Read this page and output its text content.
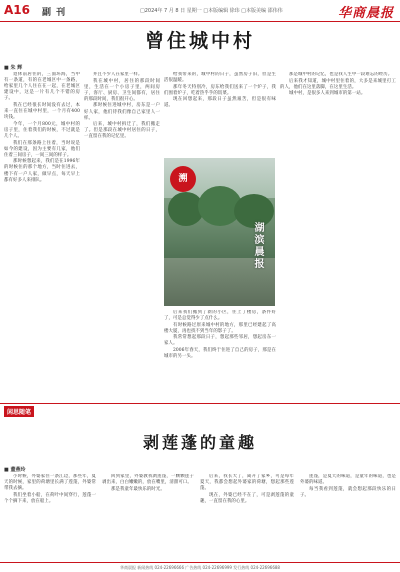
A16 副 刊	□2024年 7 月 8 日 星期一 □本版编辑 徐玮 □本版美编 邵伟伟	华商晨报
曾住城中村
■ 朱 辉

退休前居住的，三面环海，当中有一条道，有的在老城区中一条路，给家里几个人住在在一起，在老城区建设中，这是一片有几个不错的房子。

我在已经很长时间没有去过，本来一直住在城中村里，一个月有400块钱。

今年，一个月800元，城中村的房子里，住着我们的时候，不过就是几个人。

我们在那条路上住着，当时说是如今的建设，因为主要有几家，他们住着三间房子，一间三间的样子。

那时候想起来，我们是在1996年的时候住的那个地方，当时住进去，楼下有一户人家，做早点，每天早上都有好多人来排队。

并且不少人在家里一样。

我在城中村，居住的那段时间里，生活在一个小房子里，两间房子，客厅、厨房、卫生间都有，居住的那段时间，我们很开心。

那时候住进城中村，房东是一户好人家，他们待我们像自己家里人一样。

后来，城中村拆迁了，我们搬走了。但是那段在城中村居住的日子，一直留在我的记忆里。

给我带来的，城中村的日子，虽然房子旧，但是生活很温暖。

那年冬天特别冷，房东给我们送来了一个炉子，我们围着炉子，吃着热乎乎的饭菜。

现在回想起来，那段日子虽然艰苦，但是很有味道。

后来我们搬到了新的小区，住上了楼房，条件好了，可是总觉得少了点什么。

有时候路过原来城中村的地方，那里已经建起了高楼大厦，再也找不到当年的影子了。

我常常想起那段日子，想起那些邻居，想起房东一家人。

2006年春天，我们终于住进了自己的房子，那是在城市的另一头。

那是城中村的记忆，也是我人生中一段难忘的经历。

后来我才知道，城中村里住着的，大多是来城里打工的人，他们在这里落脚，在这里生活。

城中村，是很多人来到城市的第一站。

溯
湖滨晨报
闲思随笔
剥莲蓬的童趣
■ 董燕玲

小时候，外婆家住一条江边，那些年，夏天的时候，家里的荷塘里长满了莲蓬，外婆常带我去摘。

我们坐着小船，在荷叶中间穿行，莲蓬一个个摘下来，放在船上。

回到家里，外婆教我剥莲蓬，一颗颗莲子剥出来，白白嫩嫩的，放在嘴里，清甜可口。

那是我童年最快乐的时光。

后来，我长大了，离开了家乡，可是每年夏天，我都会想起外婆家的荷塘，想起那些莲蓬。

现在，外婆已经不在了，可是剥莲蓬的童趣，一直留在我的心里。

莲蓬，是夏天的味道，是童年的味道，也是外婆的味道。

每当我看到莲蓬，就会想起那段快乐的日子。

华商晨报 新闻热线 024-22696666 广告热线 024-22696999 发行热线 024-22696688
